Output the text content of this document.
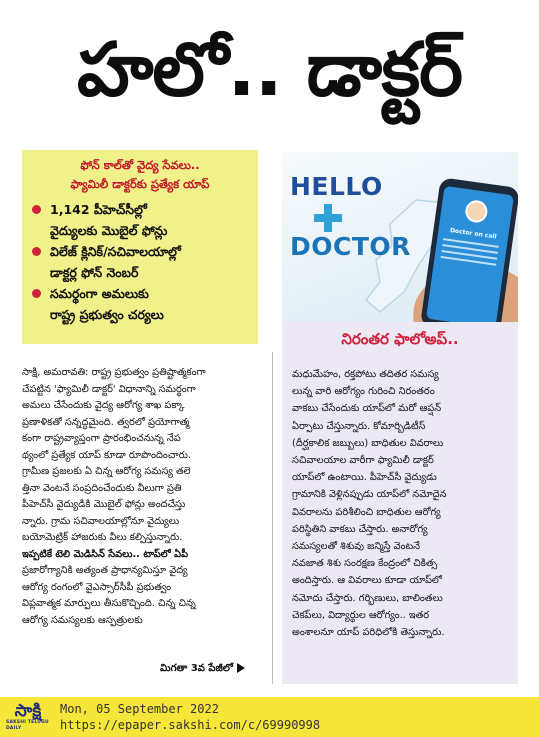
హలో.. డాక్టర్
ఫోన్ కాల్‌తో వైద్య సేవలు..
ఫ్యామిలీ డాక్టర్‌కు ప్రత్యేక యాప్
1,142 పీహెచ్‌సీల్లో
వైద్యులకు మొబైల్ ఫోన్లు
విలేజ్ క్లినిక్/సచివాలయాల్లో
డాక్టర్ల ఫోన్ నెంబర్
సమర్థంగా అమలుకు
రాష్ట్ర ప్రభుత్వం చర్యలు
HELLO
DOCTOR	Doctor on call
నిరంతర ఫాలోఅప్..
సాక్షి, అమరావతి: రాష్ట్ర ప్రభుత్వం ప్రతిష్టాత్మకంగా
చేపట్టిన 'ఫ్యామిలీ డాక్టర్' విధానాన్ని సమర్థంగా
అమలు చేసేందుకు వైద్య ఆరోగ్య శాఖ పక్కా
ప్రణాళికతో సన్నద్ధమైంది. త్వరలో ప్రయోగాత్మ
కంగా రాష్ట్రవ్యాప్తంగా ప్రారంభించనున్న నేప
థ్యంలో ప్రత్యేక యాప్ కూడా రూపొందించారు.
గ్రామీణ ప్రజలకు ఏ చిన్న ఆరోగ్య సమస్య తలె
త్తినా వెంటనే సంప్రదించేందుకు వీలుగా ప్రతి
పీహెచ్‌సీ వైద్యుడికి మొబైల్ ఫోన్లు అందచేస్తు
న్నారు. గ్రామ సచివాలయాల్లోనూ వైద్యులు
బయోమెట్రిక్ హాజరుకు వీలు కల్పిస్తున్నారు.
ఇప్పటికే టెలి మెడిసిన్ సేవలు.. టాప్‌లో ఏపీ
ప్రజారోగ్యానికి అత్యంత ప్రాధాన్యమిస్తూ వైద్య
ఆరోగ్య రంగంలో వైఎస్సార్‌సీపీ ప్రభుత్వం
విప్లవాత్మక మార్పులు తీసుకొచ్చింది. చిన్న చిన్న
ఆరోగ్య సమస్యలకు ఆస్పత్రులకు
మిగతా 3వ పేజీలో
మధుమేహం, రక్తపోటు తదితర సమస్య
లున్న వారి ఆరోగ్యం గురించి నిరంతరం
వాకబు చేసేందుకు యాప్‌లో మరో ఆప్షన్
ఏర్పాటు చేస్తున్నారు. కోమార్బిడిటీస్
(దీర్ఘకాలిక జబ్బులు) బాధితుల వివరాలు
సచివాలయాల వారీగా ఫ్యామిలీ డాక్టర్
యాప్‌లో ఉంటాయి. పీహెచ్‌సీ వైద్యుడు
గ్రామానికి వెళ్లినప్పుడు యాప్‌లో నమోదైన
వివరాలను పరిశీలించి బాధితుల ఆరోగ్య
పరిస్థితిని వాకబు చేస్తారు. అనారోగ్య
సమస్యలతో శిశువు జన్మిస్తే వెంటనే
నవజాత శిశు సంరక్షణ కేంద్రంలో చికిత్స
అందిస్తారు. ఆ వివరాలు కూడా యాప్‌లో
నమోదు చేస్తారు. గర్భిణులు, బాలింతలు
చెకప్‌లు, విద్యార్థుల ఆరోగ్యం.. ఇతర
అంశాలనూ యాప్ పరిధిలోకి తెస్తున్నారు.
సాక్షి
SAKSHI TELUGU DAILY
Mon, 05 September 2022
https://epaper.sakshi.com/c/69990998
